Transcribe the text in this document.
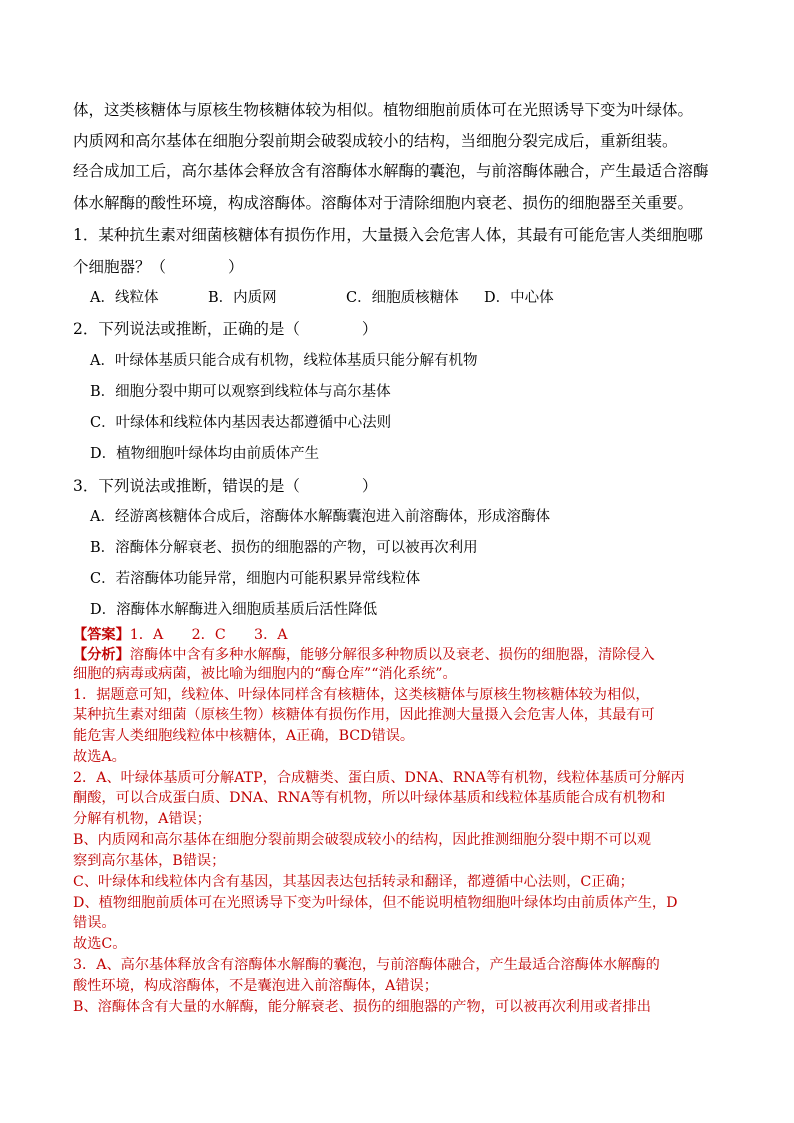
体，这类核糖体与原核生物核糖体较为相似。植物细胞前质体可在光照诱导下变为叶绿体。
内质网和高尔基体在细胞分裂前期会破裂成较小的结构，当细胞分裂完成后，重新组装。
经合成加工后，高尔基体会释放含有溶酶体水解酶的囊泡，与前溶酶体融合，产生最适合溶酶
体水解酶的酸性环境，构成溶酶体。溶酶体对于清除细胞内衰老、损伤的细胞器至关重要。
1．某种抗生素对细菌核糖体有损伤作用，大量摄入会危害人体，其最有可能危害人类细胞哪
个细胞器？（　　　　）
A．线粒体	B．内质网	C．细胞质核糖体 D．中心体
2．下列说法或推断，正确的是（　　　　）
A．叶绿体基质只能合成有机物，线粒体基质只能分解有机物
B．细胞分裂中期可以观察到线粒体与高尔基体
C．叶绿体和线粒体内基因表达都遵循中心法则
D．植物细胞叶绿体均由前质体产生
3．下列说法或推断，错误的是（　　　　）
A．经游离核糖体合成后，溶酶体水解酶囊泡进入前溶酶体，形成溶酶体
B．溶酶体分解衰老、损伤的细胞器的产物，可以被再次利用
C．若溶酶体功能异常，细胞内可能积累异常线粒体
D．溶酶体水解酶进入细胞质基质后活性降低
【答案】1．A　　2．C　　3．A
【分析】溶酶体中含有多种水解酶，能够分解很多种物质以及衰老、损伤的细胞器，清除侵入
细胞的病毒或病菌，被比喻为细胞内的“酶仓库”“消化系统”。
1．据题意可知，线粒体、叶绿体同样含有核糖体，这类核糖体与原核生物核糖体较为相似，
某种抗生素对细菌（原核生物）核糖体有损伤作用，因此推测大量摄入会危害人体，其最有可
能危害人类细胞线粒体中核糖体，A正确，BCD错误。
故选A。
2．A、叶绿体基质可分解ATP，合成糖类、蛋白质、DNA、RNA等有机物，线粒体基质可分解丙
酮酸，可以合成蛋白质、DNA、RNA等有机物，所以叶绿体基质和线粒体基质能合成有机物和
分解有机物，A错误；
B、内质网和高尔基体在细胞分裂前期会破裂成较小的结构，因此推测细胞分裂中期不可以观
察到高尔基体，B错误；
C、叶绿体和线粒体内含有基因，其基因表达包括转录和翻译，都遵循中心法则，C正确；
D、植物细胞前质体可在光照诱导下变为叶绿体，但不能说明植物细胞叶绿体均由前质体产生，D
错误。
故选C。
3．A、高尔基体释放含有溶酶体水解酶的囊泡，与前溶酶体融合，产生最适合溶酶体水解酶的
酸性环境，构成溶酶体，不是囊泡进入前溶酶体，A错误；
B、溶酶体含有大量的水解酶，能分解衰老、损伤的细胞器的产物，可以被再次利用或者排出
